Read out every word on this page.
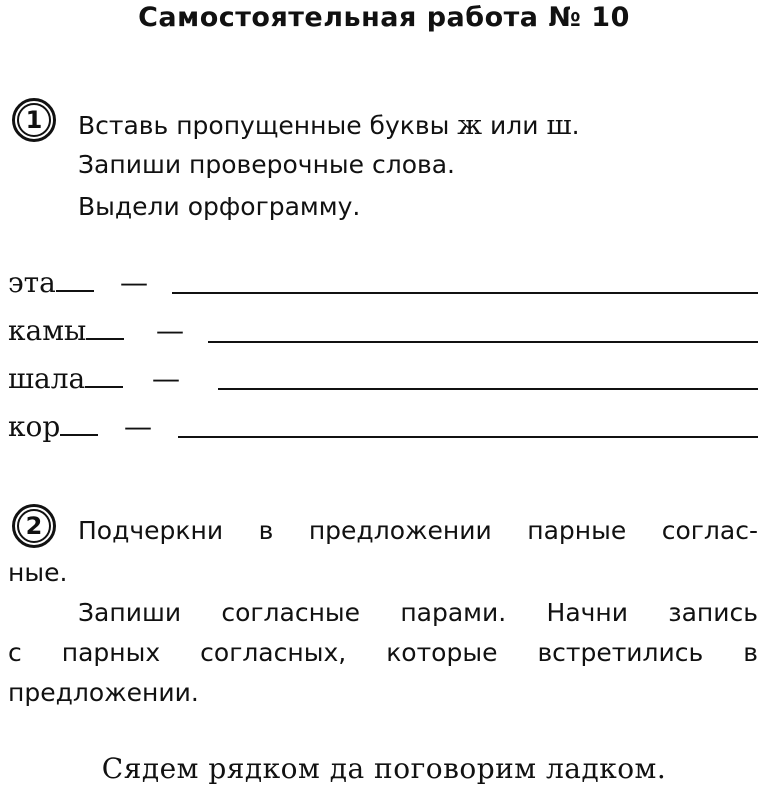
Самостоятельная работа № 10
1	Вставь пропущенные буквы ж или ш.
Запиши проверочные слова.
Выдели орфограмму.
эта	—
камы	—
шала	—
кор	—
2	Подчеркни в предложении парные соглас-
ные.
Запиши согласные парами. Начни запись
с парных согласных, которые встретились в
предложении.
Сядем рядком да поговорим ладком.
